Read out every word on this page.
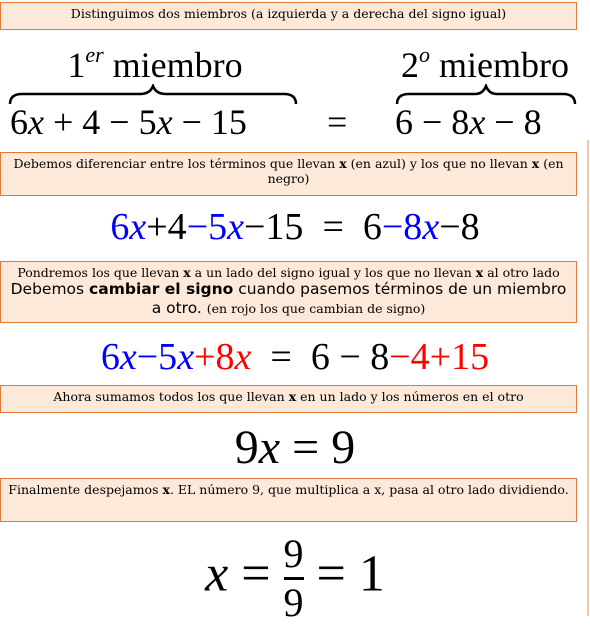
Distinguimos dos miembros (a izquierda y a derecha del signo igual)
1er miembro	2$^o$ miembro
6x + 4 − 5x − 15 = 6 − 8x − 8
Debemos diferenciar entre los términos que llevan x (en azul) y los que no llevan x (en negro)
6x+4−5x−15 = 6−8x−8
Pondremos los que llevan x a un lado del signo igual y los que no llevan x al otro lado
Debemos cambiar el signo cuando pasemos términos de un miembro a otro. (en rojo los que cambian de signo)
6x−5x+8x = 6 − 8−4+15
Ahora sumamos todos los que llevan x en un lado y los números en el otro
9x = 9
Finalmente despejamos x. EL número 9, que multiplica a x, pasa al otro lado dividiendo.
$x = \frac{9}{9} = 1$
